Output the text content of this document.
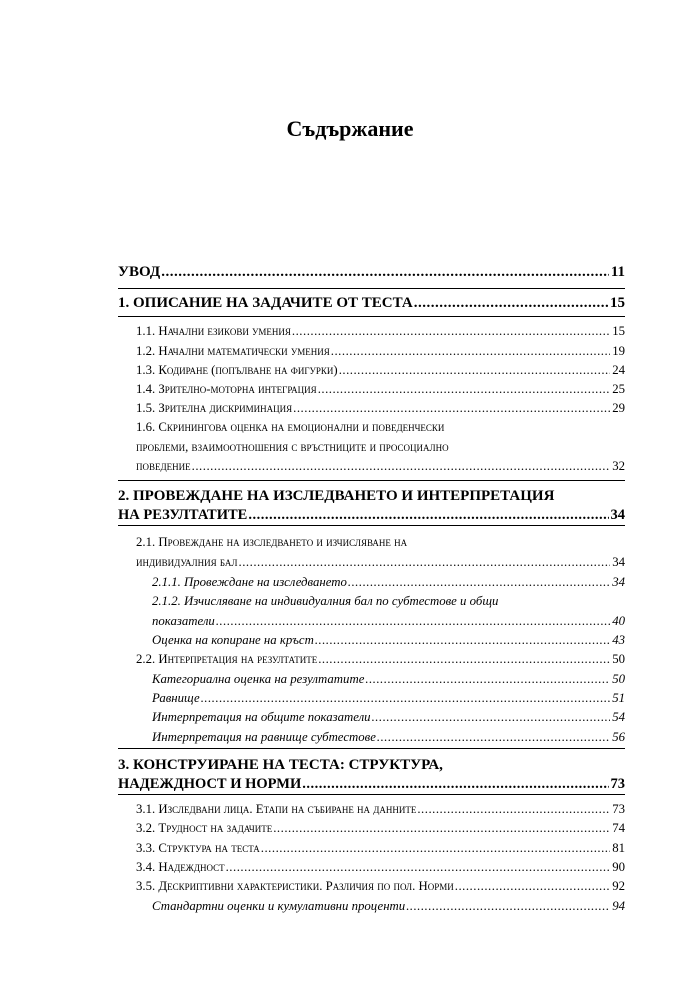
Съдържание
УВОД .....	11
1. ОПИСАНИЕ НА ЗАДАЧИТЕ ОТ ТЕСТА .....	15
1.1. Начални езикови умения .....	15
1.2. Начални математически умения .....	19
1.3. Кодиране (попълване на фигурки) .....	24
1.4. Зрително-моторна интеграция .....	25
1.5. Зрителна дискриминация .....	29
1.6. Скринингова оценка на емоционални и поведенчески
проблеми, взаимоотношения с връстниците и просоциално
поведение .....	32
2. ПРОВЕЖДАНЕ НА ИЗСЛЕДВАНЕТО И ИНТЕРПРЕТАЦИЯ
НА РЕЗУЛТАТИТЕ .....	34
2.1. Провеждане на изследването и изчисляване на
индивидуалния бал .....	34
2.1.1. Провеждане на изследването .....	34
2.1.2. Изчисляване на индивидуалния бал по субтестове и общи
показатели .....	40
Оценка на копиране на кръст .....	43
2.2. Интерпретация на резултатите .....	50
Категориална оценка на резултатите .....	50
Равнище .....	51
Интерпретация на общите показатели .....	54
Интерпретация на равнище субтестове .....	56
3. КОНСТРУИРАНЕ НА ТЕСТА: СТРУКТУРА,
НАДЕЖДНОСТ И НОРМИ .....	73
3.1. Изследвани лица. Етапи на събиране на данните .....	73
3.2. Трудност на задачите .....	74
3.3. Структура на теста .....	81
3.4. Надеждност .....	90
3.5. Дескриптивни характеристики. Различия по пол. Норми .....	92
Стандартни оценки и кумулативни проценти .....	94
